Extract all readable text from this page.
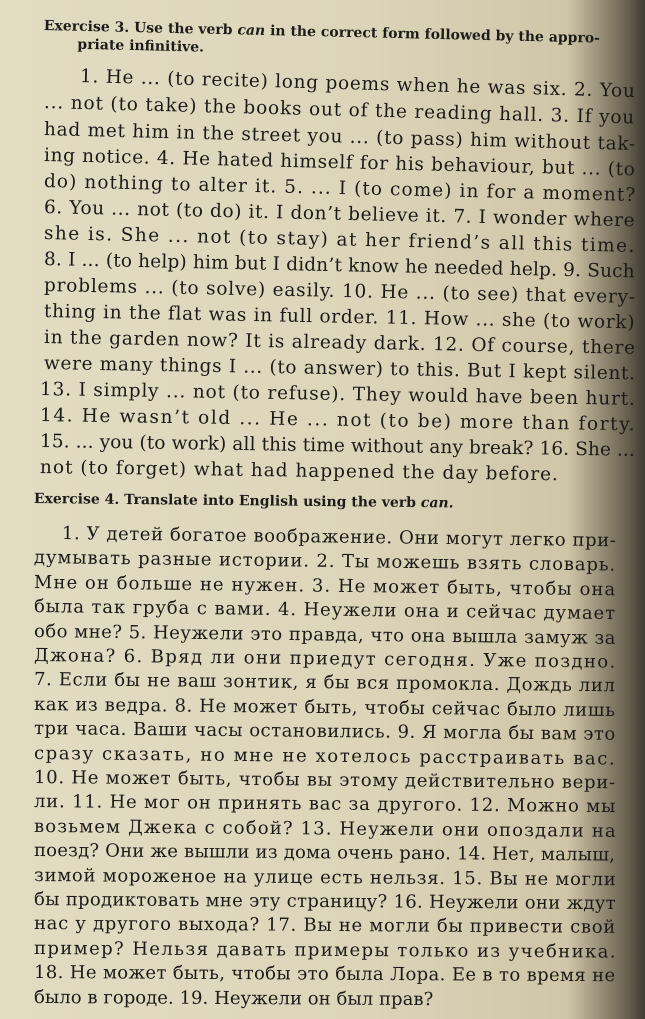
Exercise 3. Use the verb can in the correct form followed by the appro-
priate infinitive.
1. He ... (to recite) long poems when he was six. 2. You
... not (to take) the books out of the reading hall. 3. If you
had met him in the street you ... (to pass) him without tak-
ing notice. 4. He hated himself for his behaviour, but ... (to
do) nothing to alter it. 5. ... I (to come) in for a moment?
6. You ... not (to do) it. I don’t believe it. 7. I wonder where
she is. She ... not (to stay) at her friend’s all this time.
8. I ... (to help) him but I didn’t know he needed help. 9. Such
problems ... (to solve) easily. 10. He ... (to see) that every-
thing in the flat was in full order. 11. How ... she (to work)
in the garden now? It is already dark. 12. Of course, there
were many things I ... (to answer) to this. But I kept silent.
13. I simply ... not (to refuse). They would have been hurt.
14. He wasn’t old ... He ... not (to be) more than forty.
15. ... you (to work) all this time without any break? 16. She ...
not (to forget) what had happened the day before.
Exercise 4. Translate into English using the verb can.
1. У детей богатое воображение. Они могут легко при-
думывать разные истории. 2. Ты можешь взять словарь.
Мне он больше не нужен. 3. Не может быть, чтобы она
была так груба с вами. 4. Неужели она и сейчас думает
обо мне? 5. Неужели это правда, что она вышла замуж за
Джона? 6. Вряд ли они приедут сегодня. Уже поздно.
7. Если бы не ваш зонтик, я бы вся промокла. Дождь лил
как из ведра. 8. Не может быть, чтобы сейчас было лишь
три часа. Ваши часы остановились. 9. Я могла бы вам это
сразу сказать, но мне не хотелось расстраивать вас.
10. Не может быть, чтобы вы этому действительно вери-
ли. 11. Не мог он принять вас за другого. 12. Можно мы
возьмем Джека с собой? 13. Неужели они опоздали на
поезд? Они же вышли из дома очень рано. 14. Нет, малыш,
зимой мороженое на улице есть нельзя. 15. Вы не могли
бы продиктовать мне эту страницу? 16. Неужели они ждут
нас у другого выхода? 17. Вы не могли бы привести свой
пример? Нельзя давать примеры только из учебника.
18. Не может быть, чтобы это была Лора. Ее в то время не
было в городе. 19. Неужели он был прав?
